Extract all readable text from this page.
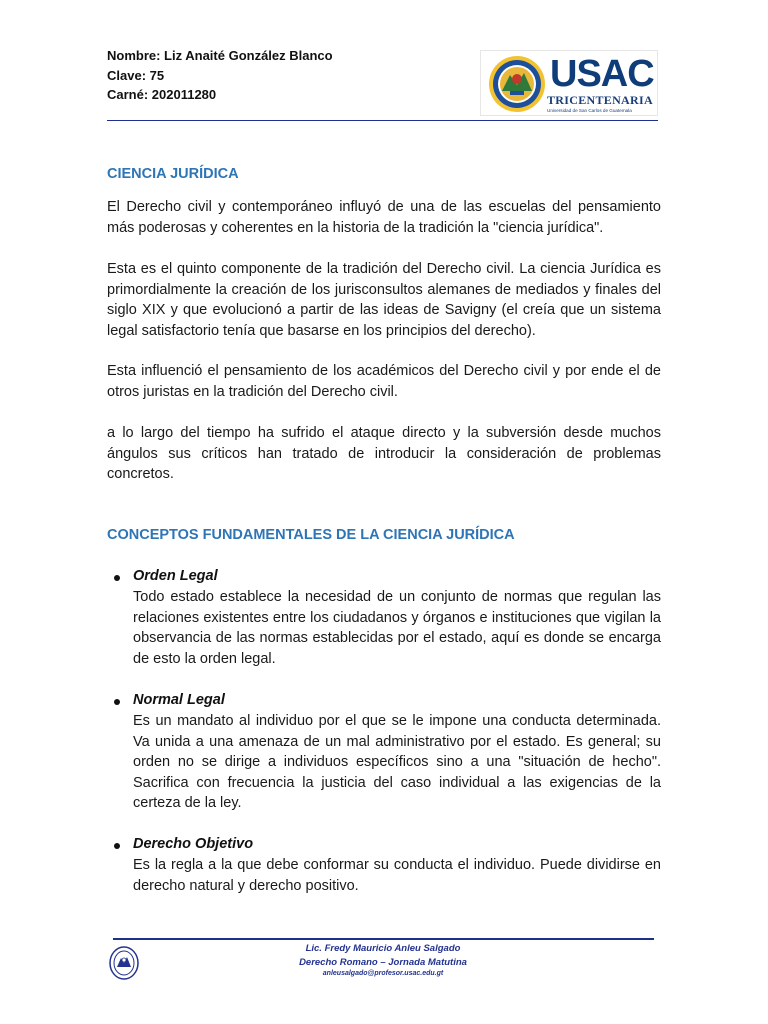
Nombre: Liz Anaité González Blanco
Clave: 75
Carné: 202011280	USAC
TRICENTENARIA
Universidad de San Carlos de Guatemala
CIENCIA JURÍDICA
El Derecho civil y contemporáneo influyó de una de las escuelas del pensamiento más poderosas y coherentes en la historia de la tradición la "ciencia jurídica".
Esta es el quinto componente de la tradición del Derecho civil. La ciencia Jurídica es primordialmente la creación de los jurisconsultos alemanes de mediados y finales del siglo XIX y que evolucionó a partir de las ideas de Savigny (el creía que un sistema legal satisfactorio tenía que basarse en los principios del derecho).
Esta influenció el pensamiento de los académicos del Derecho civil y por ende el de otros juristas en la tradición del Derecho civil.
a lo largo del tiempo ha sufrido el ataque directo y la subversión desde muchos ángulos sus críticos han tratado de introducir la consideración de problemas concretos.
CONCEPTOS FUNDAMENTALES DE LA CIENCIA JURÍDICA
Orden Legal
Todo estado establece la necesidad de un conjunto de normas que regulan las relaciones existentes entre los ciudadanos y órganos e instituciones que vigilan la observancia de las normas establecidas por el estado, aquí es donde se encarga de esto la orden legal.
Normal Legal
Es un mandato al individuo por el que se le impone una conducta determinada. Va unida a una amenaza de un mal administrativo por el estado. Es general; su orden no se dirige a individuos específicos sino a una "situación de hecho". Sacrifica con frecuencia la justicia del caso individual a las exigencias de la certeza de la ley.
Derecho Objetivo
Es la regla a la que debe conformar su conducta el individuo. Puede dividirse en derecho natural y derecho positivo.
Lic. Fredy Mauricio Anleu Salgado
Derecho Romano – Jornada Matutina
anleusalgado@profesor.usac.edu.gt
